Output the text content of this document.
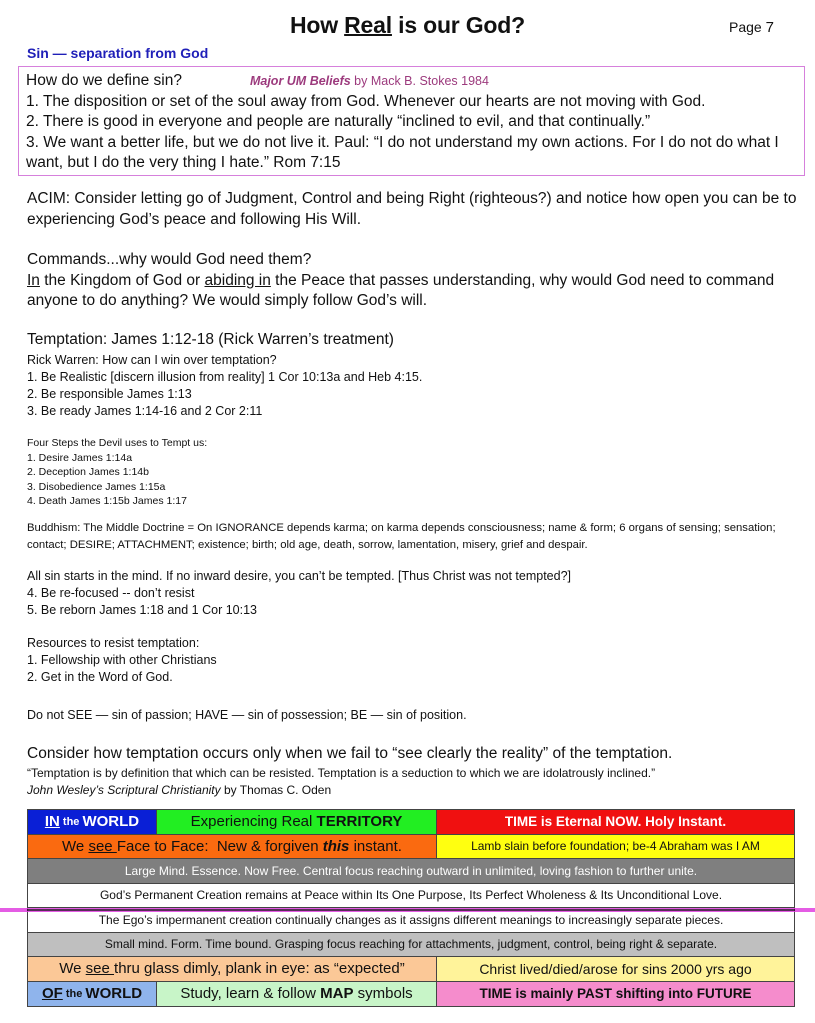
How Real is our God?	Page 7
Sin — separation from God
How do we define sin?	Major UM Beliefs by Mack B. Stokes 1984
1. The disposition or set of the soul away from God. Whenever our hearts are not moving with God.
2. There is good in everyone and people are naturally “inclined to evil, and that continually.”
3. We want a better life, but we do not live it. Paul: “I do not understand my own actions. For I do not do what I want, but I do the very thing I hate.” Rom 7:15
ACIM: Consider letting go of Judgment, Control and being Right (righteous?) and notice how open you can be to experiencing God’s peace and following His Will.
Commands...why would God need them?
In the Kingdom of God or abiding in the Peace that passes understanding, why would God need to command anyone to do anything? We would simply follow God’s will.
Temptation: James 1:12-18 (Rick Warren’s treatment)
Rick Warren: How can I win over temptation?
1. Be Realistic [discern illusion from reality] 1 Cor 10:13a and Heb 4:15.
2. Be responsible James 1:13
3. Be ready James 1:14-16 and 2 Cor 2:11
Four Steps the Devil uses to Tempt us:
1. Desire James 1:14a
2. Deception James 1:14b
3. Disobedience James 1:15a
4. Death James 1:15b James 1:17
Buddhism: The Middle Doctrine = On IGNORANCE depends karma; on karma depends consciousness; name & form; 6 organs of sensing; sensation; contact; DESIRE; ATTACHMENT; existence; birth; old age, death, sorrow, lamentation, misery, grief and despair.
All sin starts in the mind. If no inward desire, you can’t be tempted. [Thus Christ was not tempted?]
4. Be re-focused -- don’t resist
5. Be reborn James 1:18 and 1 Cor 10:13
Resources to resist temptation:
1. Fellowship with other Christians
2. Get in the Word of God.
Do not SEE — sin of passion; HAVE — sin of possession; BE — sin of position.
Consider how temptation occurs only when we fail to “see clearly the reality” of the temptation.
“Temptation is by definition that which can be resisted. Temptation is a seduction to which we are idolatrously inclined.”
John Wesley’s Scriptural Christianity by Thomas C. Oden
IN the WORLD	Experiencing Real TERRITORY	TIME is Eternal NOW. Holy Instant.
We see Face to Face:  New & forgiven this instant.	Lamb slain before foundation; be-4 Abraham was I AM
Large Mind. Essence. Now Free. Central focus reaching outward in unlimited, loving fashion to further unite.
God’s Permanent Creation remains at Peace within Its One Purpose, Its Perfect Wholeness & Its Unconditional Love.
The Ego’s impermanent creation continually changes as it assigns different meanings to increasingly separate pieces.
Small mind. Form. Time bound. Grasping focus reaching for attachments, judgment, control, being right & separate.
We see thru glass dimly, plank in eye: as “expected”	Christ lived/died/arose for sins 2000 yrs ago
OF the WORLD	Study, learn & follow MAP symbols	TIME is mainly PAST shifting into FUTURE
